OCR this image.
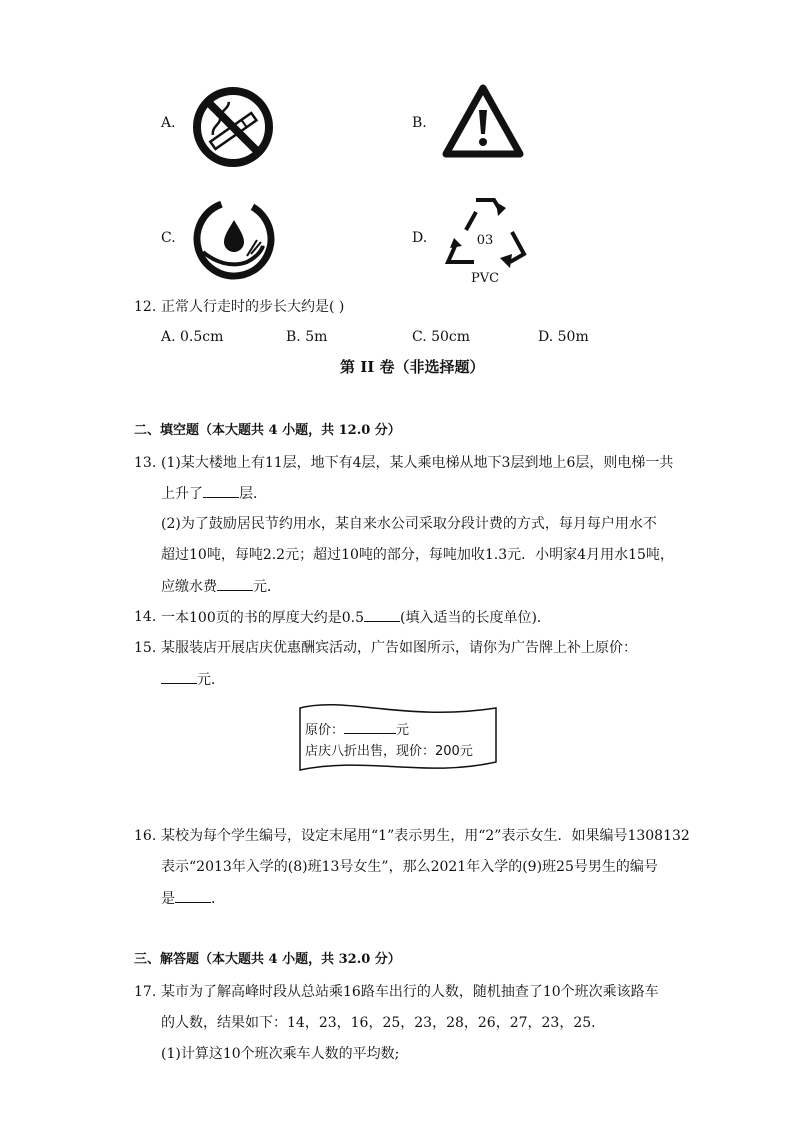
A.	B.
C.	D.	03
PVC
12. 正常人行走时的步长大约是( )
A. 0.5cm	B. 5m	C. 50cm	D. 50m
第 II 卷（非选择题）
二、填空题（本大题共 4 小题，共 12.0 分）
13. (1)某大楼地上有11层，地下有4层，某人乘电梯从地下3层到地上6层，则电梯一共
上升了	层．
(2)为了鼓励居民节约用水，某自来水公司采取分段计费的方式，每月每户用水不
超过10吨，每吨2.2元；超过10吨的部分，每吨加收1.3元．小明家4月用水15吨，
应缴水费	元．
14. 一本100页的书的厚度大约是0.5	(填入适当的长度单位)．
15. 某服装店开展店庆优惠酬宾活动，广告如图所示，请你为广告牌上补上原价：
元．
原价：	元
店庆八折出售，现价：200元
16. 某校为每个学生编号，设定末尾用“1”表示男生，用“2”表示女生．如果编号1308132
表示“2013年入学的(8)班13号女生”，那么2021年入学的(9)班25号男生的编号
是	．
三、解答题（本大题共 4 小题，共 32.0 分）
17. 某市为了解高峰时段从总站乘16路车出行的人数，随机抽查了10个班次乘该路车
的人数，结果如下：14，23，16，25，23，28，26，27，23，25．
(1)计算这10个班次乘车人数的平均数;
